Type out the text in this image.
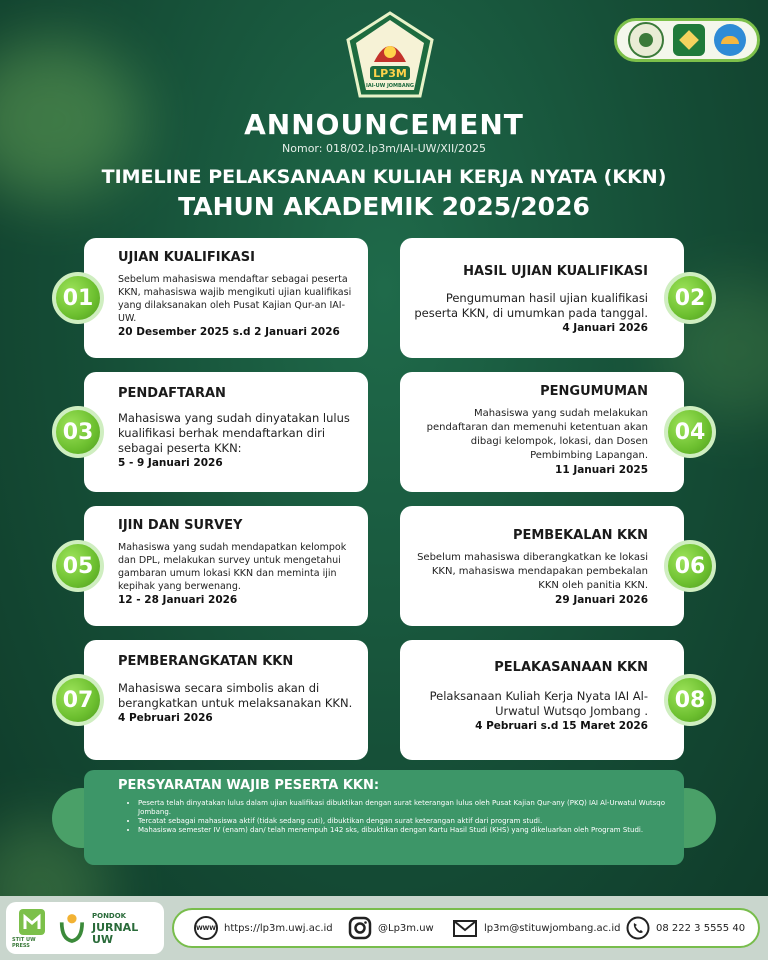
LP3M
IAI-UW JOMBANG
ANNOUNCEMENT
Nomor: 018/02.lp3m/IAI-UW/XII/2025
TIMELINE PELAKSANAAN KULIAH KERJA NYATA (KKN)
TAHUN AKADEMIK 2025/2026
UJIAN KUALIFIKASI
Sebelum mahasiswa mendaftar sebagai peserta KKN, mahasiswa wajib mengikuti ujian kualifikasi yang dilaksanakan oleh Pusat Kajian Qur-an IAI-UW.
20 Desember 2025 s.d 2 Januari 2026
01
HASIL UJIAN KUALIFIKASI
Pengumuman hasil ujian kualifikasi peserta KKN, di umumkan pada tanggal.
4 Januari 2026
02
PENDAFTARAN
Mahasiswa yang sudah dinyatakan lulus kualifikasi berhak mendaftarkan diri sebagai peserta KKN:
5 - 9 Januari 2026
03
PENGUMUMAN
Mahasiswa yang sudah melakukan pendaftaran dan memenuhi ketentuan akan dibagi kelompok, lokasi, dan Dosen Pembimbing Lapangan.
11 Januari 2025
04
IJIN DAN SURVEY
Mahasiswa yang sudah mendapatkan kelompok dan DPL, melakukan survey untuk mengetahui gambaran umum lokasi KKN dan meminta ijin kepihak yang berwenang.
12 - 28 Januari 2026
05
PEMBEKALAN KKN
Sebelum mahasiswa diberangkatkan ke lokasi KKN, mahasiswa mendapakan pembekalan KKN oleh panitia KKN.
29 Januari 2026
06
PEMBERANGKATAN KKN
Mahasiswa secara simbolis akan di berangkatkan untuk melaksanakan KKN.
4 Pebruari 2026
07
PELAKASANAAN KKN
Pelaksanaan Kuliah Kerja Nyata IAI Al-Urwatul Wutsqo Jombang .
4 Pebruari s.d 15 Maret 2026
08
PERSYARATAN WAJIB PESERTA KKN:
• Peserta telah dinyatakan lulus dalam ujian kualifikasi dibuktikan dengan surat keterangan lulus oleh Pusat Kajian Qur-any (PKQ) IAI Al-Urwatul Wutsqo Jombang.
• Tercatat sebagai mahasiswa aktif (tidak sedang cuti), dibuktikan dengan surat keterangan aktif dari program studi.
• Mahasiswa semester IV (enam) dan/ telah menempuh 142 sks, dibuktikan dengan Kartu Hasil Studi (KHS) yang dikeluarkan oleh Program Studi.
STIT UW PRESS
PONDOK
JURNAL UW
WWW https://lp3m.uwj.ac.id	@Lp3m.uw	lp3m@stituwjombang.ac.id	08 222 3 5555 40
